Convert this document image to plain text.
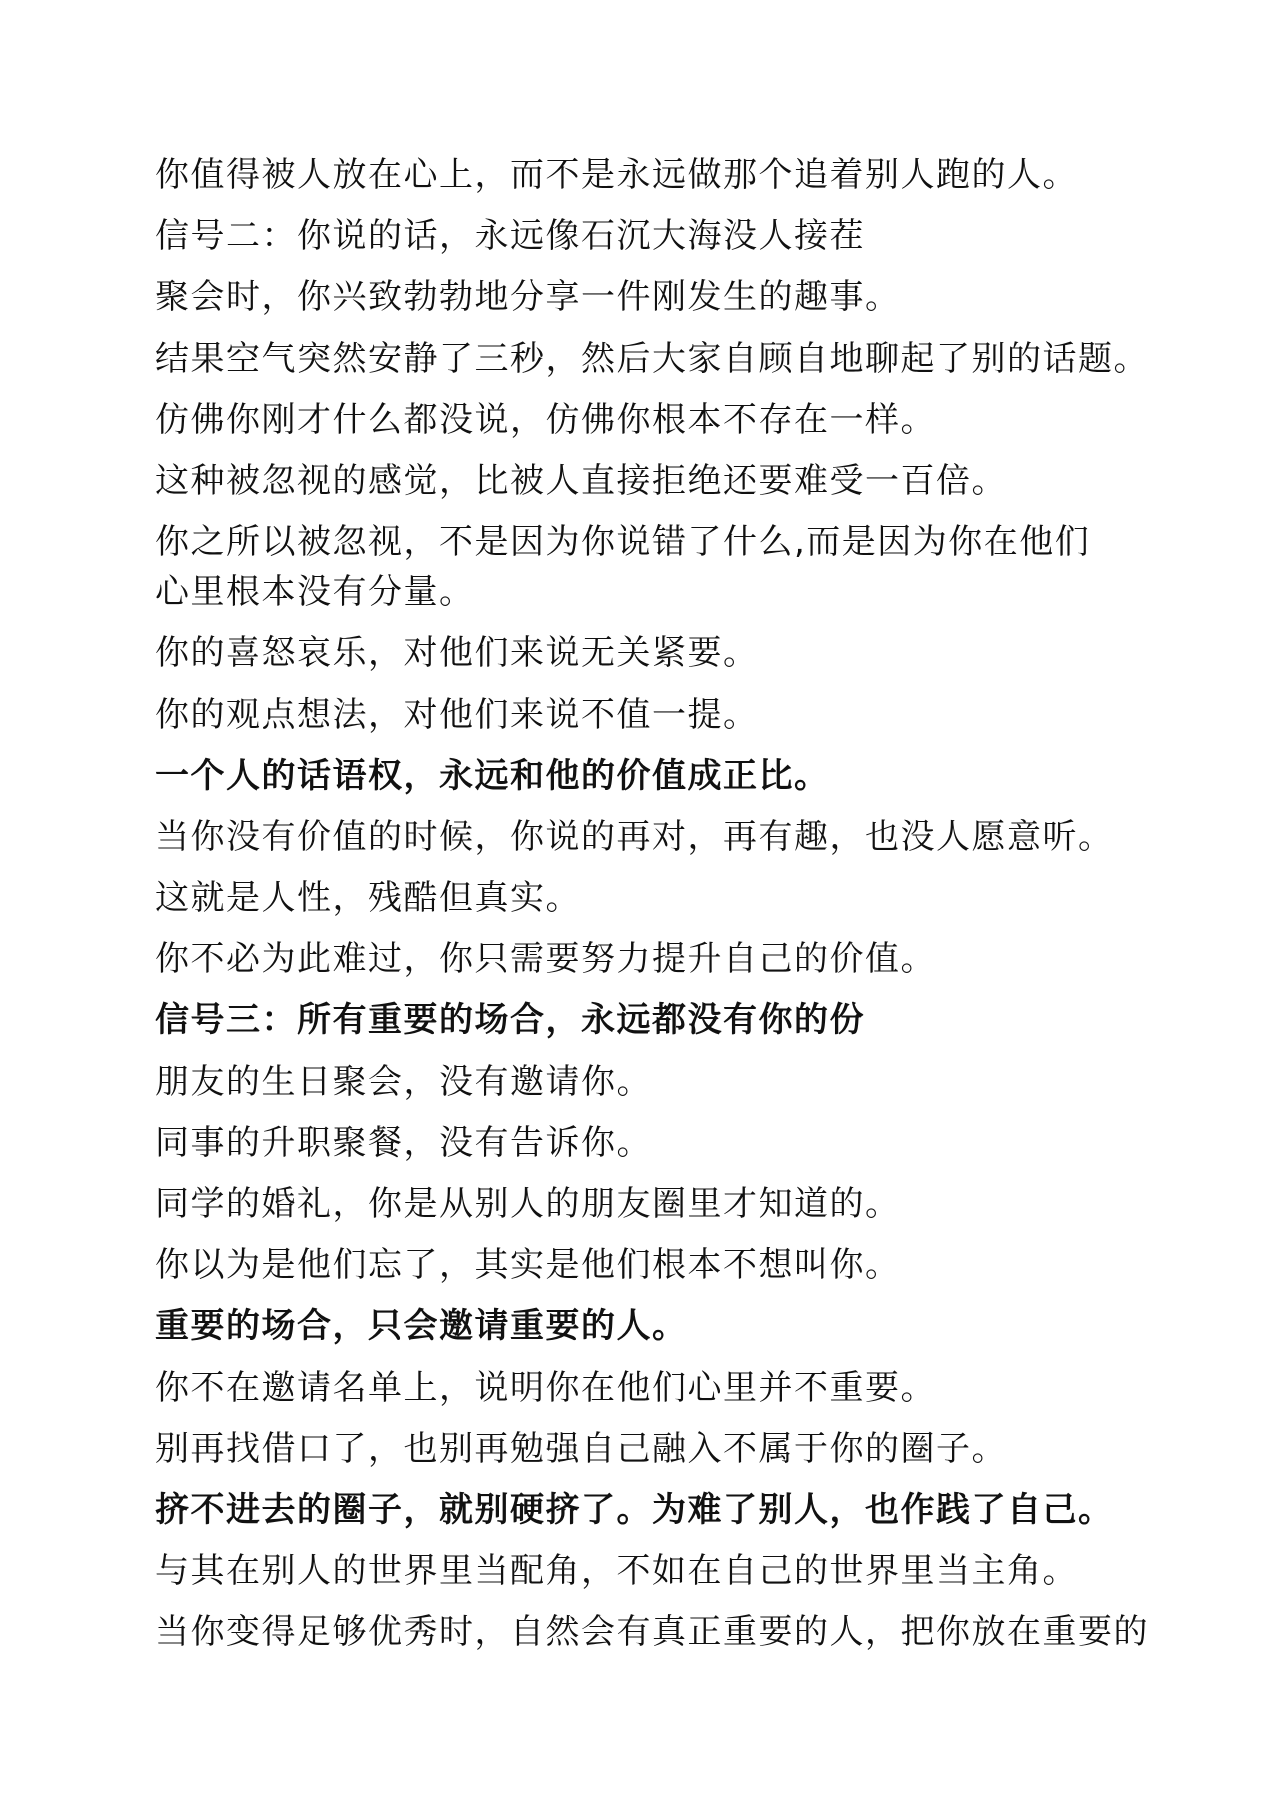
你值得被人放在心上，而不是永远做那个追着别人跑的人。

信号二：你说的话，永远像石沉大海没人接茬

聚会时，你兴致勃勃地分享一件刚发生的趣事。

结果空气突然安静了三秒，然后大家自顾自地聊起了别的话题。

仿佛你刚才什么都没说，仿佛你根本不存在一样。

这种被忽视的感觉，比被人直接拒绝还要难受一百倍。

你之所以被忽视，不是因为你说错了什么,而是因为你在他们
心里根本没有分量。

你的喜怒哀乐，对他们来说无关紧要。

你的观点想法，对他们来说不值一提。

一个人的话语权，永远和他的价值成正比。

当你没有价值的时候，你说的再对，再有趣，也没人愿意听。

这就是人性，残酷但真实。

你不必为此难过，你只需要努力提升自己的价值。

信号三：所有重要的场合，永远都没有你的份

朋友的生日聚会，没有邀请你。

同事的升职聚餐，没有告诉你。

同学的婚礼，你是从别人的朋友圈里才知道的。

你以为是他们忘了，其实是他们根本不想叫你。

重要的场合，只会邀请重要的人。

你不在邀请名单上，说明你在他们心里并不重要。

别再找借口了，也别再勉强自己融入不属于你的圈子。

挤不进去的圈子，就别硬挤了。为难了别人，也作践了自己。

与其在别人的世界里当配角，不如在自己的世界里当主角。

当你变得足够优秀时，自然会有真正重要的人，把你放在重要的
